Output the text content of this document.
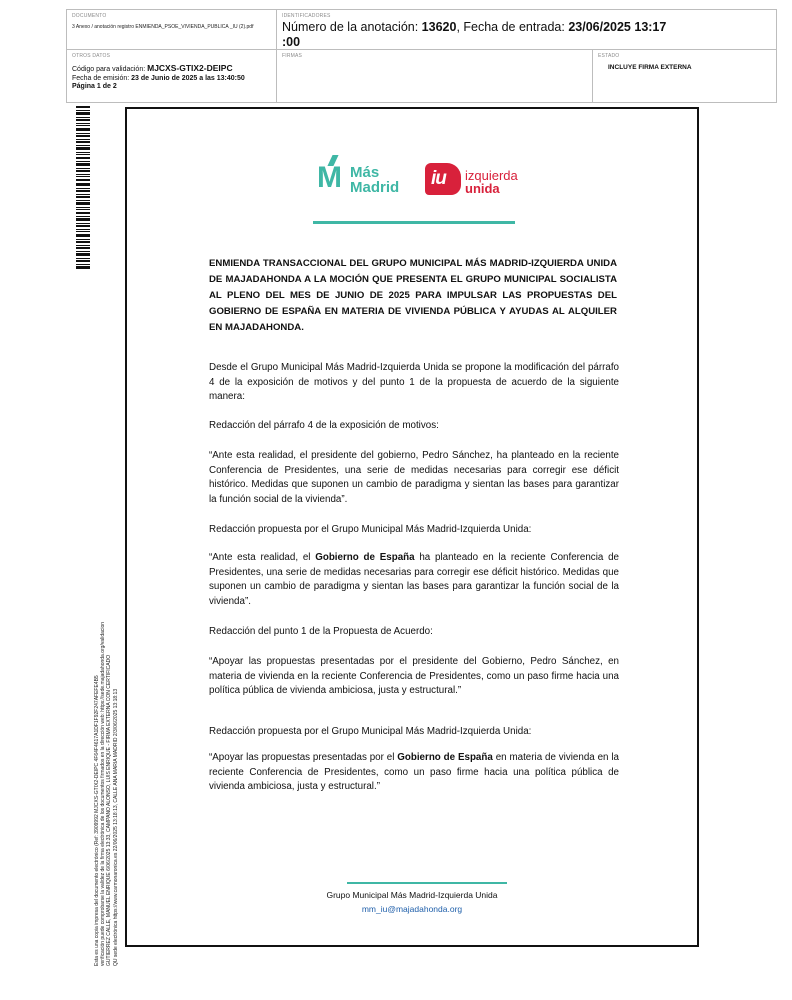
DOCUMENTO
3 Anexo / anotación registro ENMIENDA_PSOE_VIVIENDA_PUBLICA _IU (2).pdf
IDENTIFICADORES
Número de la anotación: 13620, Fecha de entrada: 23/06/2025 13:17
:00
OTROS DATOS
Código para validación: MJCXS-GTIX2-DEIPC
Fecha de emisión: 23 de Junio de 2025 a las 13:40:50
Página 1 de 2
FIRMAS	ESTADO
INCLUYE FIRMA EXTERNA
Esta es una copia impresa del documento electrónico (Ref: 3909992 MJCXS-GTIX2-DEIPC 4F64F4617A1DF1F92F247AFEFE4B5 verificación puede comprobarse la validez de la firma electrónica de los documentos firmados en la dirección web: https://sede.majadahonda.org/validacion GUTIERREZ CALLE, MANUEL ENRIQUE 6/06/2025 13:33, CAMPANO ALONSO, LUIS ENRIQUE - FIRMA EXTERNA CON CERTIFICADO QU sede electrónica https://www.carmonaronica.es 22/06/2025 13:18:13, CALLE ANA MARIA MADRID 2/3/06/2025 13:18:13
M Más
Madrid iu izquierda
unida
ENMIENDA TRANSACCIONAL DEL GRUPO MUNICIPAL MÁS MADRID-IZQUIERDA UNIDA DE MAJADAHONDA A LA MOCIÓN QUE PRESENTA EL GRUPO MUNICIPAL SOCIALISTA AL PLENO DEL MES DE JUNIO DE 2025 PARA IMPULSAR LAS PROPUESTAS DEL GOBIERNO DE ESPAÑA EN MATERIA DE VIVIENDA PÚBLICA Y AYUDAS AL ALQUILER EN MAJADAHONDA.
Desde el Grupo Municipal Más Madrid-Izquierda Unida se propone la modificación del párrafo 4 de la exposición de motivos y del punto 1 de la propuesta de acuerdo de la siguiente manera:
Redacción del párrafo 4 de la exposición de motivos:
“Ante esta realidad, el presidente del gobierno, Pedro Sánchez, ha planteado en la reciente Conferencia de Presidentes, una serie de medidas necesarias para corregir ese déficit histórico. Medidas que suponen un cambio de paradigma y sientan las bases para garantizar la función social de la vivienda”.
Redacción propuesta por el Grupo Municipal Más Madrid-Izquierda Unida:
“Ante esta realidad, el Gobierno de España ha planteado en la reciente Conferencia de Presidentes, una serie de medidas necesarias para corregir ese déficit histórico. Medidas que suponen un cambio de paradigma y sientan las bases para garantizar la función social de la vivienda”.
Redacción del punto 1 de la Propuesta de Acuerdo:
“Apoyar las propuestas presentadas por el presidente del Gobierno, Pedro Sánchez, en materia de vivienda en la reciente Conferencia de Presidentes, como un paso firme hacia una política pública de vivienda ambiciosa, justa y estructural.”
Redacción propuesta por el Grupo Municipal Más Madrid-Izquierda Unida:
“Apoyar las propuestas presentadas por el Gobierno de España en materia de vivienda en la reciente Conferencia de Presidentes, como un paso firme hacia una política pública de vivienda ambiciosa, justa y estructural.”
Grupo Municipal Más Madrid-Izquierda Unida
mm_iu@majadahonda.org
